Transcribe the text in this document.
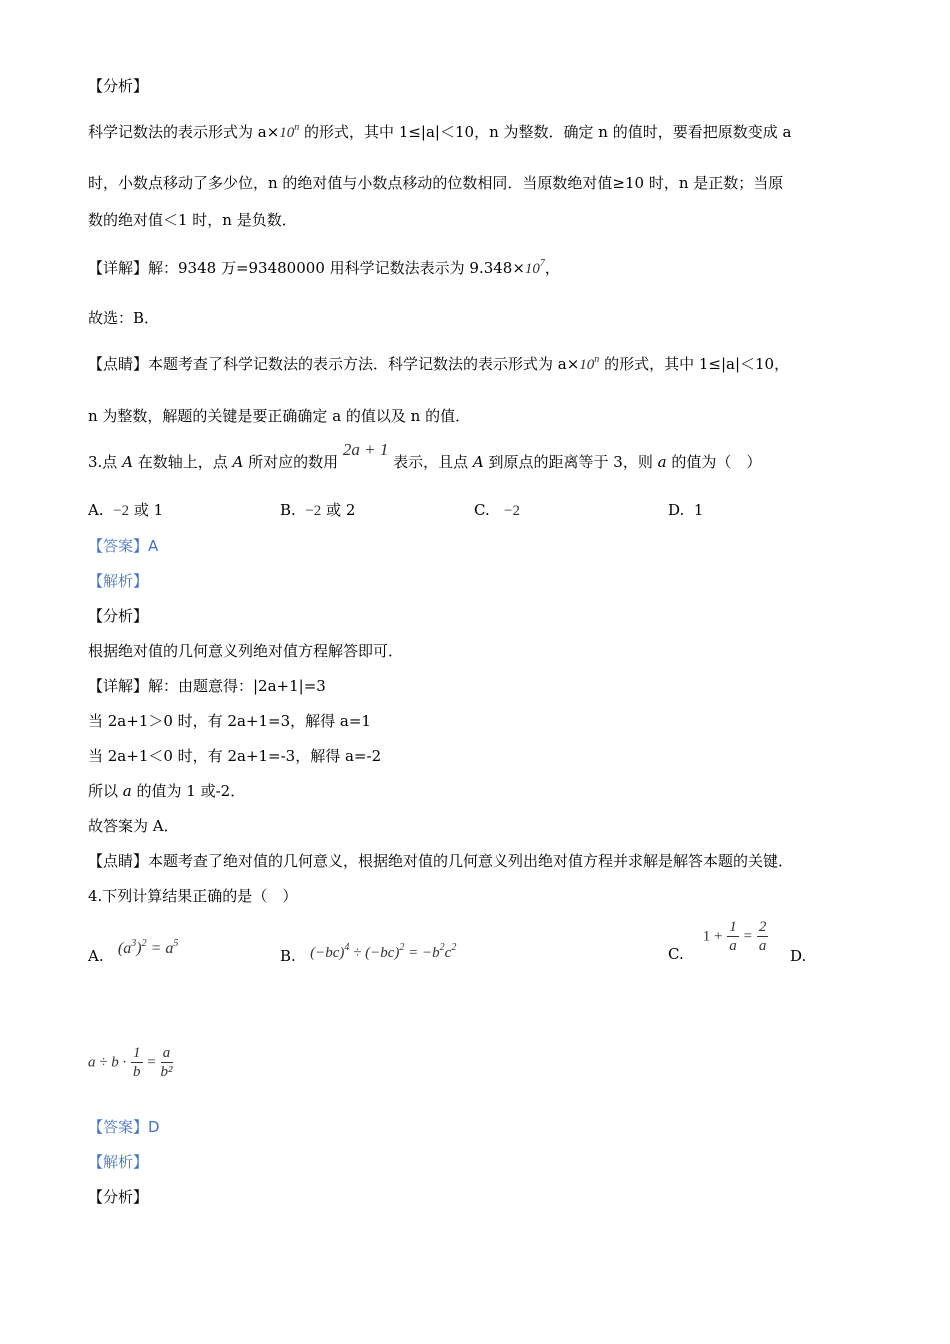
【分析】
科学记数法的表示形式为 $a\times 10^n$ 的形式，其中 1≤|a|＜10，n 为整数．确定 n 的值时，要看把原数变成 a
时，小数点移动了多少位，n 的绝对值与小数点移动的位数相同．当原数绝对值≥10 时，n 是正数；当原
数的绝对值＜1 时，n 是负数．
【详解】解：9348 万=93480000 用科学记数法表示为 $9.348\times 10^7$，
故选：B．
【点睛】本题考查了科学记数法的表示方法．科学记数法的表示形式为 $a\times 10^n$ 的形式，其中 1≤|a|＜10，
n 为整数，解题的关键是要正确确定 a 的值以及 n 的值．
3.点 A 在数轴上，点 A 所对应的数用 2a + 1 表示，且点 A 到原点的距离等于 3，则 a 的值为（　）
A. −2 或 1	B. −2 或 2	C. −2	D. 1
【答案】A
【解析】
【分析】
根据绝对值的几何意义列绝对值方程解答即可．
【详解】解：由题意得：|2a+1|=3
当 2a+1＞0 时，有 2a+1=3，解得 a=1
当 2a+1＜0 时，有 2a+1=-3，解得 a=-2
所以 a 的值为 1 或-2．
故答案为 A．
【点睛】本题考查了绝对值的几何意义，根据绝对值的几何意义列出绝对值方程并求解是解答本题的关键．
4.下列计算结果正确的是（　）
A. $(a^3)^2 = a^5$
B. $(-bc)^4 \div (-bc)^2 = -b^2c^2$	C.    $1 + \frac{1}{a} = \frac{2}{a}$
D.
$a \div b \cdot \frac{1}{b} = \frac{a}{\text{b²}}$
【答案】D
【解析】
【分析】
